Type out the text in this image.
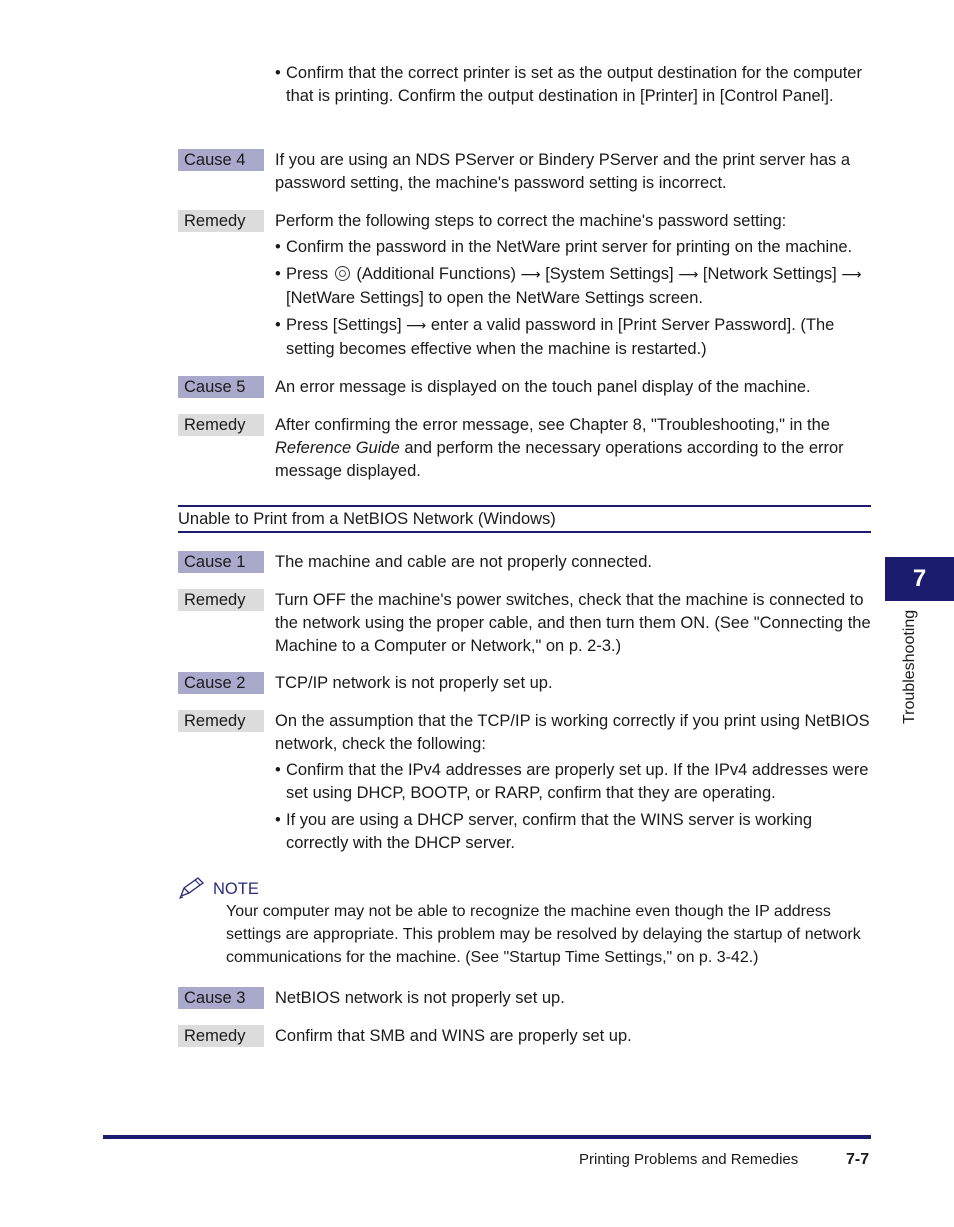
• Confirm that the correct printer is set as the output destination for the computer that is printing. Confirm the output destination in [Printer] in [Control Panel].
Cause 4	If you are using an NDS PServer or Bindery PServer and the print server has a password setting, the machine's password setting is incorrect.
Remedy	Perform the following steps to correct the machine's password setting:
• Confirm the password in the NetWare print server for printing on the machine.
• Press (Additional Functions) ⟶ [System Settings] ⟶ [Network Settings] ⟶ [NetWare Settings] to open the NetWare Settings screen.
• Press [Settings] ⟶ enter a valid password in [Print Server Password]. (The setting becomes effective when the machine is restarted.)
Cause 5	An error message is displayed on the touch panel display of the machine.
Remedy	After confirming the error message, see Chapter 8, "Troubleshooting," in the Reference Guide and perform the necessary operations according to the error message displayed.
Unable to Print from a NetBIOS Network (Windows)
Cause 1	The machine and cable are not properly connected.
Remedy	Turn OFF the machine's power switches, check that the machine is connected to the network using the proper cable, and then turn them ON. (See "Connecting the Machine to a Computer or Network," on p. 2-3.)
Cause 2	TCP/IP network is not properly set up.
Remedy	On the assumption that the TCP/IP is working correctly if you print using NetBIOS network, check the following:
• Confirm that the IPv4 addresses are properly set up. If the IPv4 addresses were set using DHCP, BOOTP, or RARP, confirm that they are operating.
• If you are using a DHCP server, confirm that the WINS server is working correctly with the DHCP server.
NOTE
Your computer may not be able to recognize the machine even though the IP address settings are appropriate. This problem may be resolved by delaying the startup of network communications for the machine. (See "Startup Time Settings," on p. 3-42.)
Cause 3	NetBIOS network is not properly set up.
Remedy	Confirm that SMB and WINS are properly set up.
7
Troubleshooting
Printing Problems and Remedies	7-7
